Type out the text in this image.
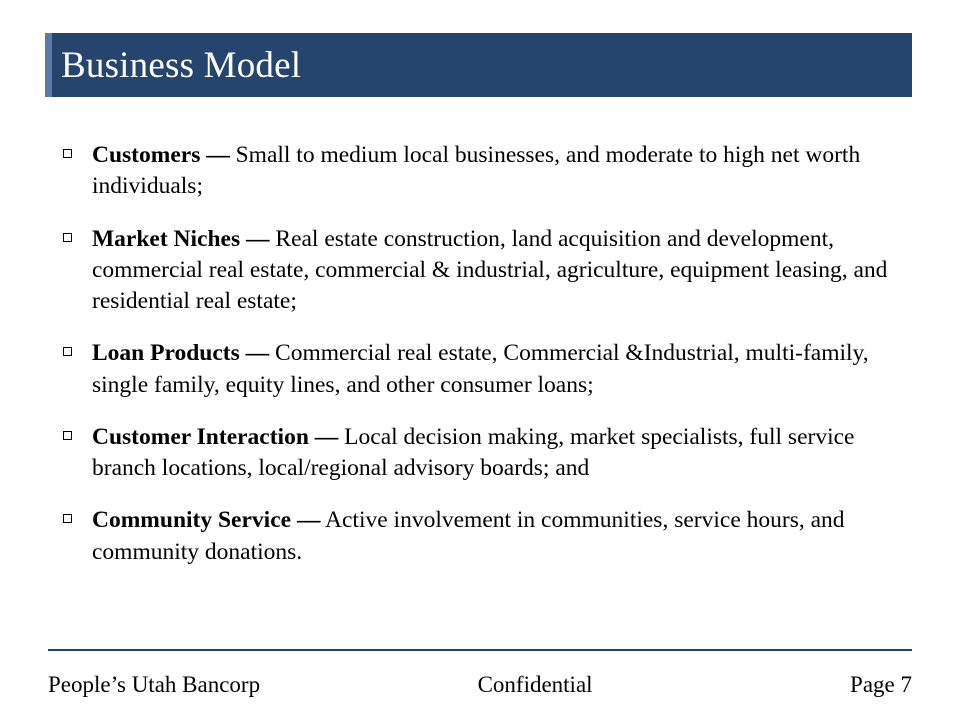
Business Model
Customers — Small to medium local businesses, and moderate to high net worth individuals;
Market Niches — Real estate construction, land acquisition and development, commercial real estate, commercial & industrial, agriculture, equipment leasing, and residential real estate;
Loan Products — Commercial real estate, Commercial &Industrial, multi-family, single family, equity lines, and other consumer loans;
Customer Interaction — Local decision making, market specialists, full service branch locations, local/regional advisory boards; and
Community Service — Active involvement in communities, service hours, and community donations.
People’s Utah Bancorp	Confidential	Page 7
